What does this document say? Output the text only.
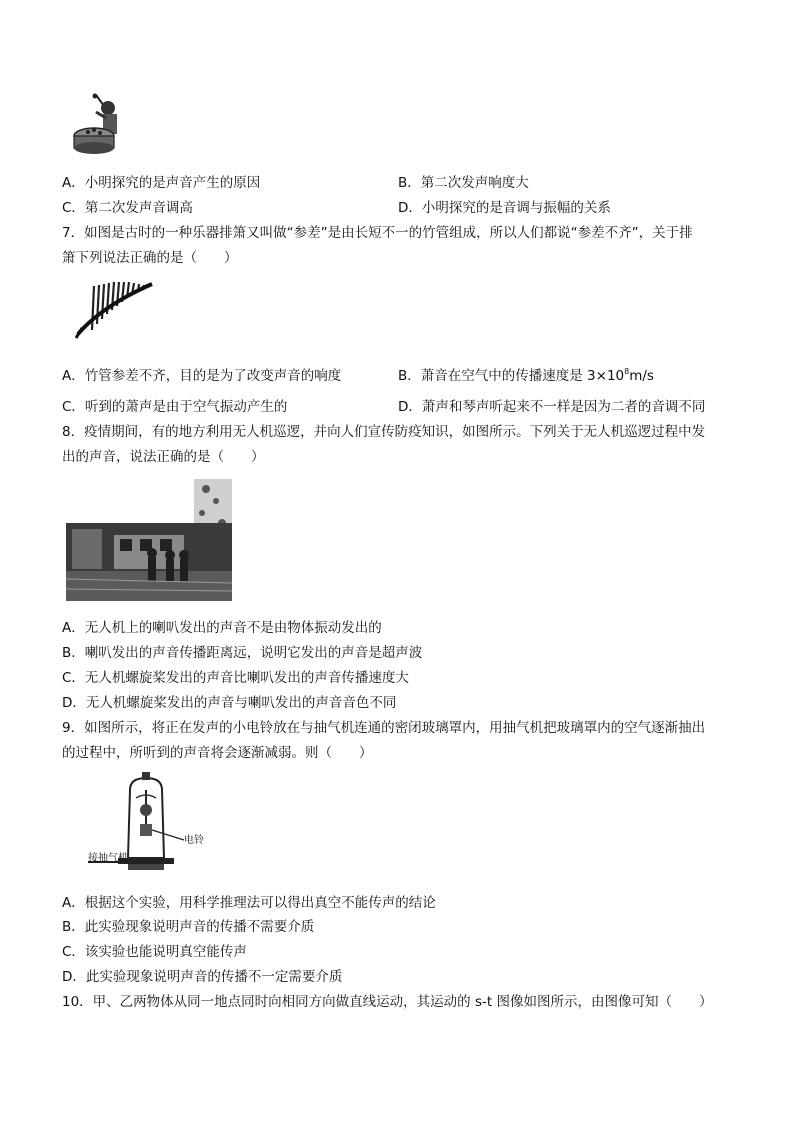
A．小明探究的是声音产生的原因	B．第二次发声响度大
C．第二次发声音调高	D．小明探究的是音调与振幅的关系
7．如图是古时的一种乐器排箫又叫做“参差”是由长短不一的竹管组成，所以人们都说“参差不齐”，关于排
箫下列说法正确的是（　　）
A．竹管参差不齐，目的是为了改变声音的响度	B．萧音在空气中的传播速度是 $3\times 10^8m/s$
C．听到的萧声是由于空气振动产生的	D．萧声和琴声听起来不一样是因为二者的音调不同
8．疫情期间，有的地方利用无人机巡逻，并向人们宣传防疫知识，如图所示。下列关于无人机巡逻过程中发
出的声音，说法正确的是（　　）
A．无人机上的喇叭发出的声音不是由物体振动发出的
B．喇叭发出的声音传播距离远，说明它发出的声音是超声波
C．无人机螺旋桨发出的声音比喇叭发出的声音传播速度大
D．无人机螺旋桨发出的声音与喇叭发出的声音音色不同
9．如图所示，将正在发声的小电铃放在与抽气机连通的密闭玻璃罩内，用抽气机把玻璃罩内的空气逐渐抽出
的过程中，所听到的声音将会逐渐减弱。则（　　）
接抽气机
电铃
A．根据这个实验，用科学推理法可以得出真空不能传声的结论
B．此实验现象说明声音的传播不需要介质
C．该实验也能说明真空能传声
D．此实验现象说明声音的传播不一定需要介质
10．甲、乙两物体从同一地点同时向相同方向做直线运动，其运动的 s-t 图像如图所示，由图像可知（　　）
